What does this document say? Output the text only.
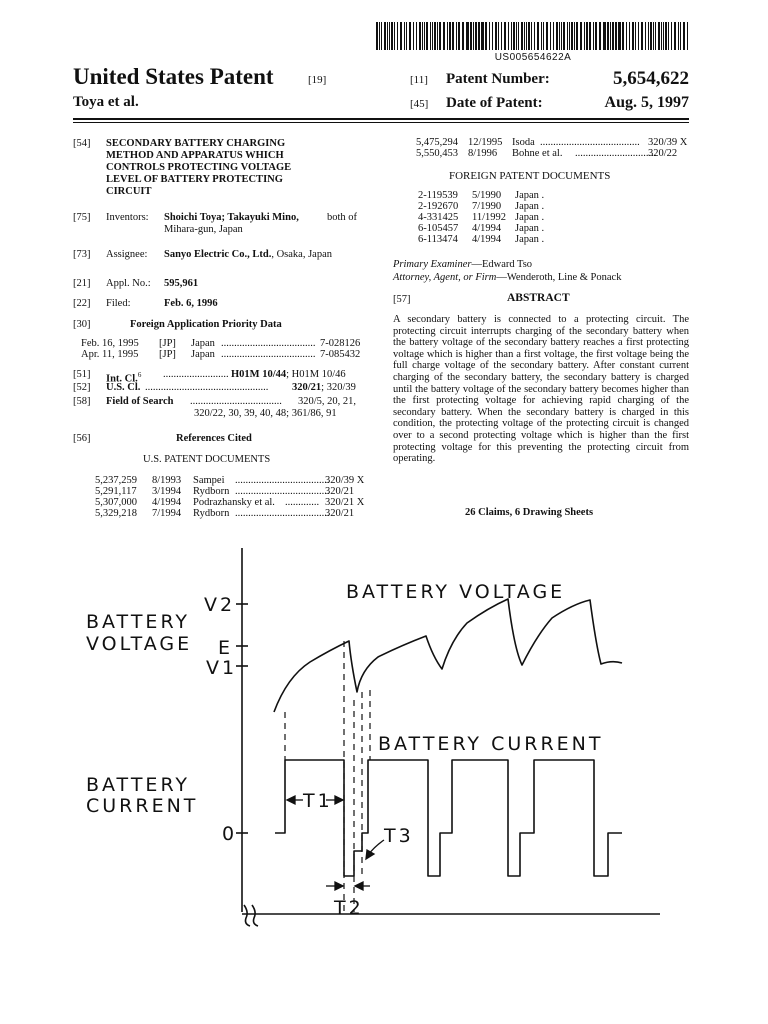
US005654622A
United States Patent	[19]
Toya et al.
[11] Patent Number:	5,654,622
[45] Date of Patent:	Aug. 5, 1997
[54] SECONDARY BATTERY CHARGING
METHOD AND APPARATUS WHICH
CONTROLS PROTECTING VOLTAGE
LEVEL OF BATTERY PROTECTING
CIRCUIT
[75] Inventors: Shoichi Toya; Takayuki Mino,	both of
Mihara-gun, Japan
[73] Assignee: Sanyo Electric Co., Ltd., Osaka, Japan
[21] Appl. No.: 595,961
[22] Filed:	Feb. 6, 1996
[30]	Foreign Application Priority Data
Feb. 16, 1995 [JP] Japan .................................... 7-028126
Apr. 11, 1995 [JP] Japan .................................... 7-085432
[51] Int. Cl.$^6$ ......................... H01M 10/44; H01M 10/46
[52] U.S. Cl. ............................................... 320/21; 320/39
[58] Field of Search ................................... 320/5, 20, 21,
320/22, 30, 39, 40, 48; 361/86, 91
[56]	References Cited
U.S. PATENT DOCUMENTS
5,237,259 8/1993 Sampei ....................................
320/39 X
5,291,117 3/1994 Rydborn ....................................
320/21
5,307,000 4/1994 Podrazhansky et al. ............. 320/21 X
5,329,218 7/1994 Rydborn ....................................
320/21
5,475,294 12/1995 Isoda ...................................... 320/39 X
5,550,453 8/1996 Bohne et al. ...............................
320/22
FOREIGN PATENT DOCUMENTS
2-119539 5/1990 Japan .
2-192670 7/1990 Japan .
4-331425 11/1992 Japan .
6-105457 4/1994 Japan .
6-113474 4/1994 Japan .
Primary Examiner—Edward Tso
Attorney, Agent, or Firm—Wenderoth, Line & Ponack
[57]	ABSTRACT
A secondary battery is connected to a protecting circuit. The protecting circuit interrupts charging of the secondary battery when the battery voltage of the secondary battery reaches a first protecting voltage which is higher than a first voltage, the first voltage being the full charge voltage of the secondary battery. After constant current charging of the secondary battery, the secondary battery is charged until the battery voltage of the secondary battery becomes higher than the first protecting voltage for achieving rapid charging of the secondary battery. When the secondary battery is charged in this condition, the protecting voltage of the protecting circuit is changed over to a second protecting voltage which is higher than the first protecting voltage for this preventing the protecting circuit from operating.
26 Claims, 6 Drawing Sheets
BATTERY
VOLTAGE
BATTERY
CURRENT
V2
E
V1
0
BATTERY VOLTAGE
BATTERY CURRENT
T1
T2
T3
